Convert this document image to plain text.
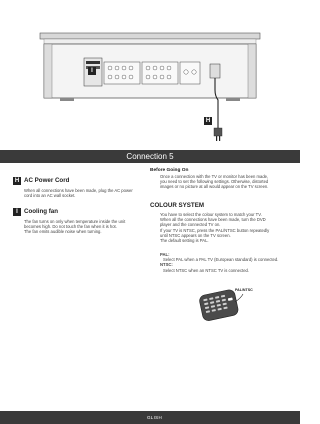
I
H
Connection 5
H AC Power Cord
When all connections have been made, plug the AC power
cord into an AC wall socket.
I Cooling fan
The fan turns on only when temperature inside the unit
becomes high. Do not touch the fan when it is hot.
The fan emits audible noise when turning.
Before Going On
Once a connection with the TV or monitor has been made,
you need to set the following settings. Otherwise, distorted
images or no picture at all would appear on the TV screen.
COLOUR SYSTEM
You have to select the colour system to match your TV.
When all the connections have been made, turn the DVD
player and the connected TV on.
If your TV is NTSC, press the PAL/NTSC button repeatedly
until NTSC appears on the TV screen.
The default setting is PAL.
PAL:
Select PAL when a PAL TV (European standard) is connected.
NTSC:
Select NTSC when an NTSC TV is connected.
PAL/NTSC
GLISH
